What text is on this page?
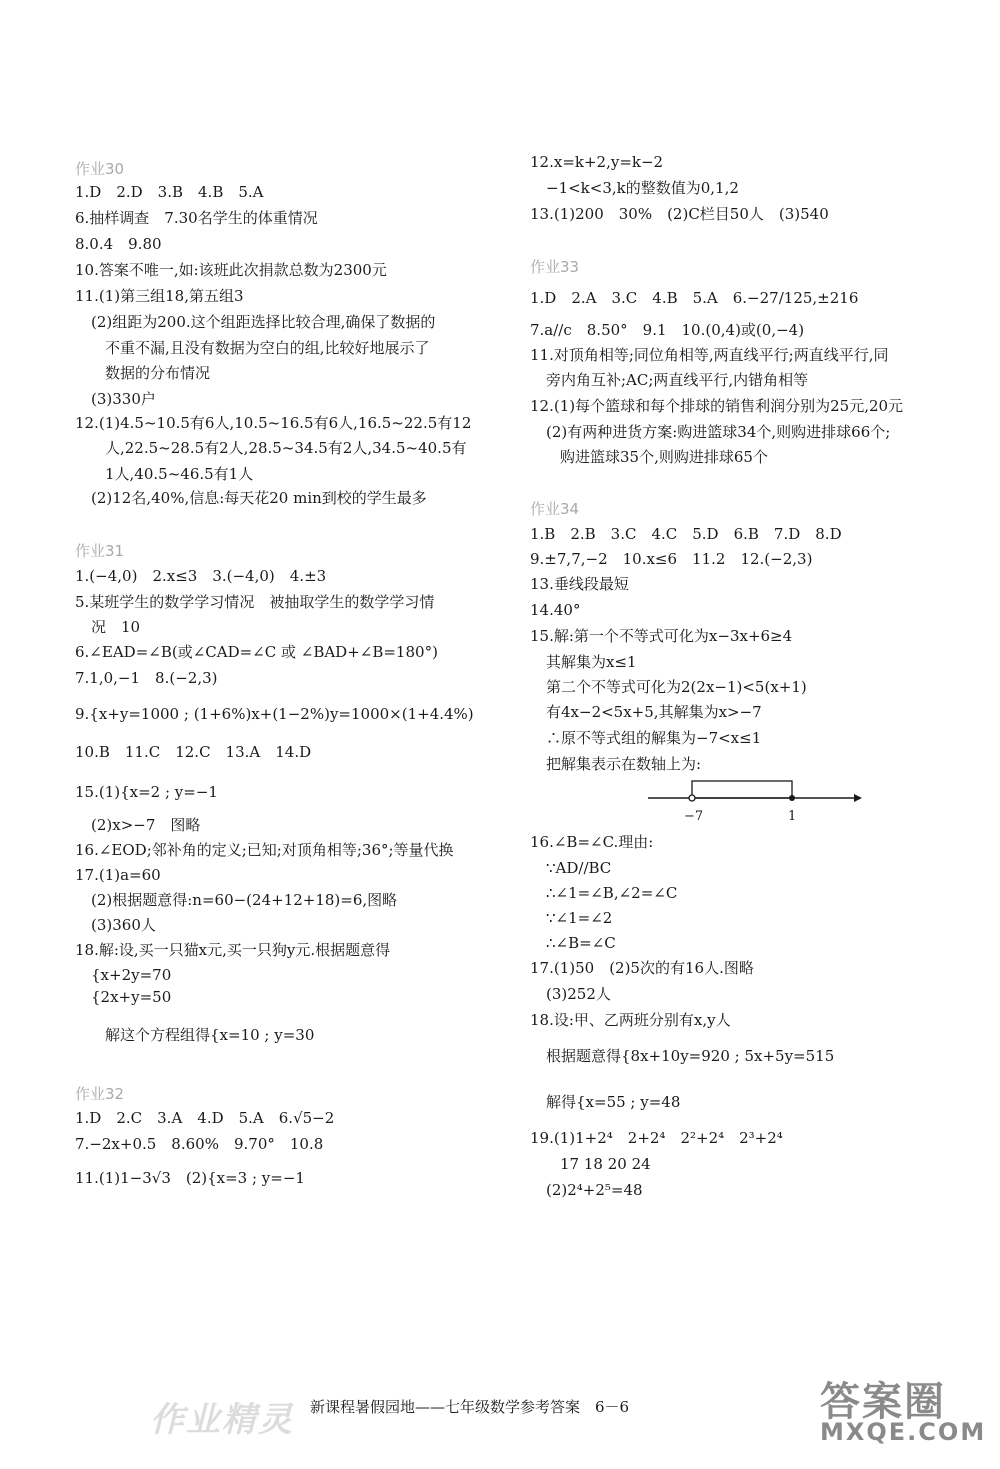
作业30
1.D　2.D　3.B　4.B　5.A
6.抽样调查　7.30名学生的体重情况
8.0.4　9.80
10.答案不唯一,如:该班此次捐款总数为2300元
11.(1)第三组18,第五组3
(2)组距为200.这个组距选择比较合理,确保了数据的
不重不漏,且没有数据为空白的组,比较好地展示了
数据的分布情况
(3)330户
12.(1)4.5~10.5有6人,10.5~16.5有6人,16.5~22.5有12
人,22.5~28.5有2人,28.5~34.5有2人,34.5~40.5有
1人,40.5~46.5有1人
(2)12名,40%,信息:每天花20 min到校的学生最多
作业31
1.(−4,0)　2.x≤3　3.(−4,0)　4.±3
5.某班学生的数学学习情况　被抽取学生的数学学习情
况　10
6.∠EAD=∠B(或∠CAD=∠C 或 ∠BAD+∠B=180°)
7.1,0,−1　8.(−2,3)
9.{x+y=1000 ; (1+6%)x+(1−2%)y=1000×(1+4.4%)
10.B　11.C　12.C　13.A　14.D
15.(1){x=2 ; y=−1
(2)x>−7　图略
16.∠EOD;邻补角的定义;已知;对顶角相等;36°;等量代换
17.(1)a=60
(2)根据题意得:n=60−(24+12+18)=6,图略
(3)360人
18.解:设,买一只猫x元,买一只狗y元.根据题意得
{x+2y=70
{2x+y=50
解这个方程组得{x=10 ; y=30
作业32
1.D　2.C　3.A　4.D　5.A　6.√5−2
7.−2x+0.5　8.60%　9.70°　10.8
11.(1)1−3√3　(2){x=3 ; y=−1
12.x=k+2,y=k−2
−1<k<3,k的整数值为0,1,2
13.(1)200　30%　(2)C栏目50人　(3)540
作业33
1.D　2.A　3.C　4.B　5.A　6.−27/125,±216
7.a//c　8.50°　9.1　10.(0,4)或(0,−4)
11.对顶角相等;同位角相等,两直线平行;两直线平行,同
旁内角互补;AC;两直线平行,内错角相等
12.(1)每个篮球和每个排球的销售利润分别为25元,20元
(2)有两种进货方案:购进篮球34个,则购进排球66个;
购进篮球35个,则购进排球65个
作业34
1.B　2.B　3.C　4.C　5.D　6.B　7.D　8.D
9.±7,7,−2　10.x≤6　11.2　12.(−2,3)
13.垂线段最短
14.40°
15.解:第一个不等式可化为x−3x+6≥4
其解集为x≤1
第二个不等式可化为2(2x−1)<5(x+1)
有4x−2<5x+5,其解集为x>−7
∴原不等式组的解集为−7<x≤1
把解集表示在数轴上为:
16.∠B=∠C.理由:
∵AD//BC
∴∠1=∠B,∠2=∠C
∵∠1=∠2
∴∠B=∠C
17.(1)50　(2)5次的有16人.图略
(3)252人
18.设:甲、乙两班分别有x,y人
根据题意得{8x+10y=920 ; 5x+5y=515
解得{x=55 ; y=48
19.(1)1+2⁴　2+2⁴　2²+2⁴　2³+2⁴
17 18 20 24
(2)2⁴+2⁵=48
−7	1
新课程暑假园地——七年级数学参考答案　6－6
作业精灵	答案圈
MXQE.COM
